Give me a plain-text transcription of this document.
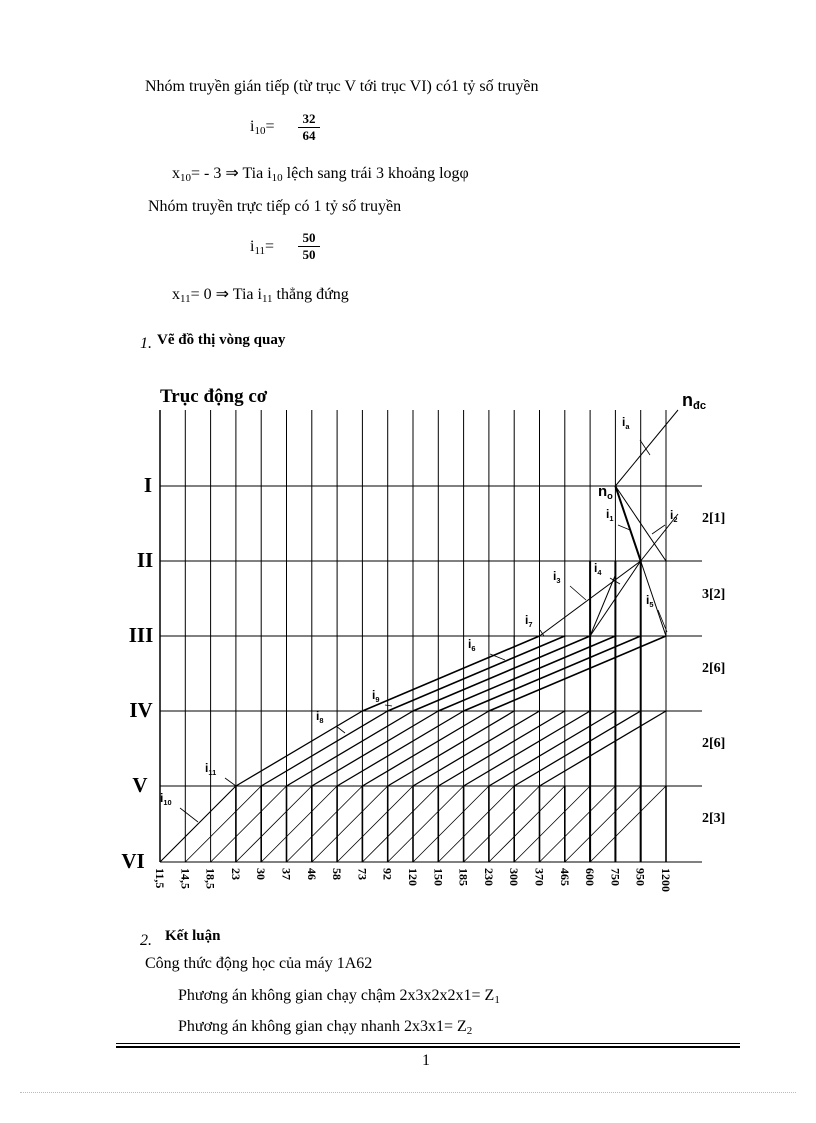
Nhóm truyền gián tiếp (từ trục V tới trục VI) có1 tỷ số truyền
$i_{10}= \frac{32}{64}$
$x_{10}= - 3$ ⇒ Tia $i_{10}$ lệch sang trái 3 khoảng logφ
Nhóm truyền trực tiếp có 1 tỷ số truyền
$i_{11}= \frac{50}{50}$
$x_{11}= 0$ ⇒ Tia $i_{11}$ thẳng đứng
1. Vẽ đồ thị vòng quay
I
II
III
IV
V
VI
Trục động cơ	nđc
$n_o$
11,5 14,5 18,5 23 30 37 46 58 73 92 120 150 185 230 300 370 465 600 750 950 1200
2[1]
3[2]
2[6]
2[6]
2[3]
$i_a$
$i_1$	$i_2$
$i_3$
$i_4$
$i_5$
$i_7$
$i_6$
$i_9$
$i_8$
$i_{11}$
$i_{10}$
Kết luận
2.
Công thức động học của máy 1A62
Phương án không gian chạy chậm $2x3x2x2x1= Z_1$
Phương án không gian chạy nhanh $2x3x1= Z_2$
1
